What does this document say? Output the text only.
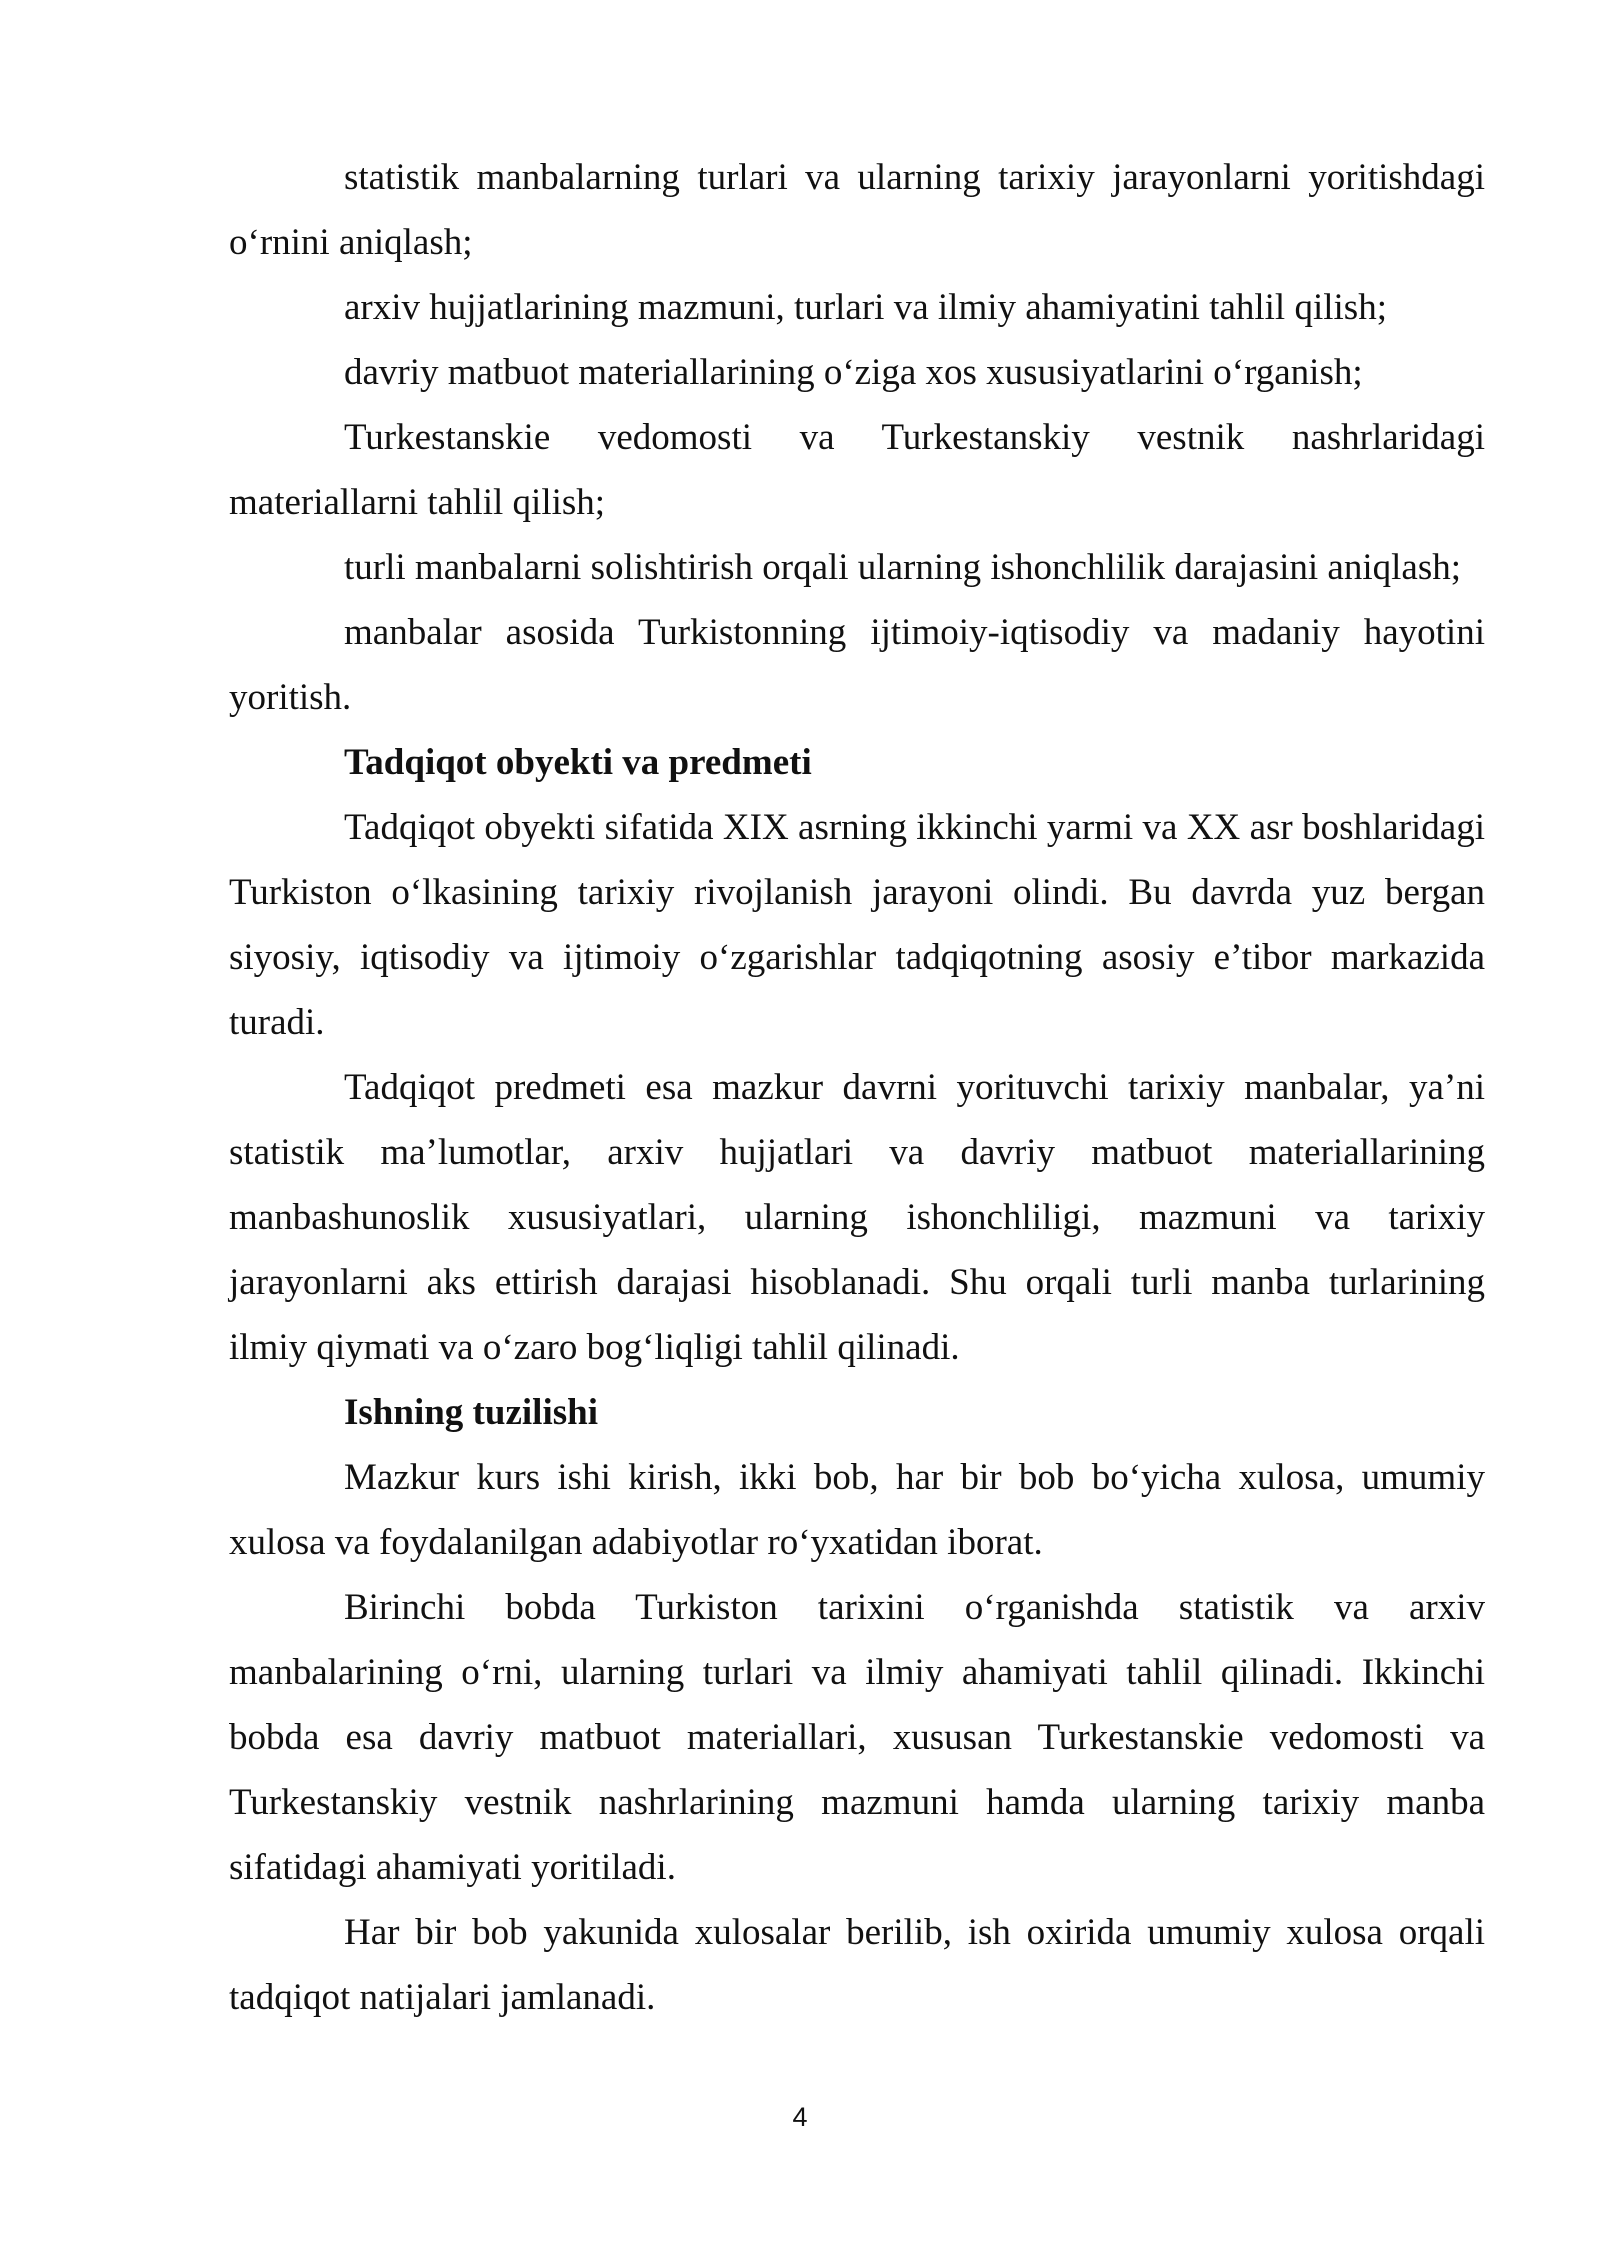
statistik manbalarning turlari va ularning tarixiy jarayonlarni yoritishdagi o‘rnini aniqlash;

arxiv hujjatlarining mazmuni, turlari va ilmiy ahamiyatini tahlil qilish;

davriy matbuot materiallarining o‘ziga xos xususiyatlarini o‘rganish;

Turkestanskie vedomosti va Turkestanskiy vestnik nashrlaridagi materiallarni tahlil qilish;

turli manbalarni solishtirish orqali ularning ishonchlilik darajasini aniqlash;

manbalar asosida Turkistonning ijtimoiy-iqtisodiy va madaniy hayotini yoritish.

Tadqiqot obyekti va predmeti

Tadqiqot obyekti sifatida XIX asrning ikkinchi yarmi va XX asr boshlaridagi Turkiston o‘lkasining tarixiy rivojlanish jarayoni olindi. Bu davrda yuz bergan siyosiy, iqtisodiy va ijtimoiy o‘zgarishlar tadqiqotning asosiy e’tibor markazida turadi.

Tadqiqot predmeti esa mazkur davrni yorituvchi tarixiy manbalar, ya’ni statistik ma’lumotlar, arxiv hujjatlari va davriy matbuot materiallarining manbashunoslik xususiyatlari, ularning ishonchliligi, mazmuni va tarixiy jarayonlarni aks ettirish darajasi hisoblanadi. Shu orqali turli manba turlarining ilmiy qiymati va o‘zaro bog‘liqligi tahlil qilinadi.

Ishning tuzilishi

Mazkur kurs ishi kirish, ikki bob, har bir bob bo‘yicha xulosa, umumiy xulosa va foydalanilgan adabiyotlar ro‘yxatidan iborat.

Birinchi bobda Turkiston tarixini o‘rganishda statistik va arxiv manbalarining o‘rni, ularning turlari va ilmiy ahamiyati tahlil qilinadi. Ikkinchi bobda esa davriy matbuot materiallari, xususan Turkestanskie vedomosti va Turkestanskiy vestnik nashrlarining mazmuni hamda ularning tarixiy manba sifatidagi ahamiyati yoritiladi.

Har bir bob yakunida xulosalar berilib, ish oxirida umumiy xulosa orqali tadqiqot natijalari jamlanadi.

4
